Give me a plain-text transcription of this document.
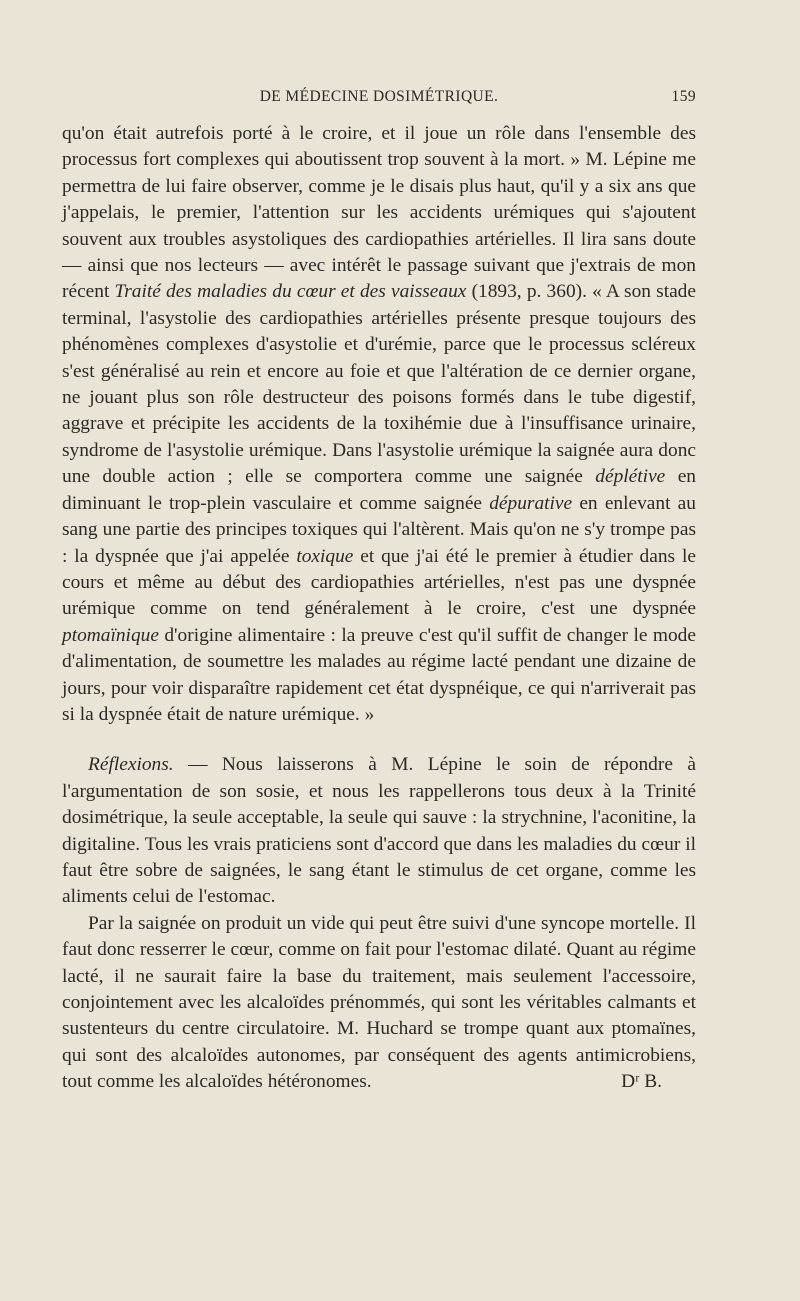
DE MÉDECINE DOSIMÉTRIQUE.	159

qu'on était autrefois porté à le croire, et il joue un rôle dans l'ensemble des processus fort complexes qui aboutissent trop souvent à la mort. » M. Lépine me permettra de lui faire observer, comme je le disais plus haut, qu'il y a six ans que j'appelais, le premier, l'attention sur les accidents urémiques qui s'ajoutent souvent aux troubles asystoliques des cardiopathies artérielles. Il lira sans doute — ainsi que nos lecteurs — avec intérêt le passage suivant que j'extrais de mon récent Traité des maladies du cœur et des vaisseaux (1893, p. 360). « A son stade terminal, l'asystolie des cardiopathies artérielles présente presque toujours des phénomènes complexes d'asystolie et d'urémie, parce que le processus scléreux s'est généralisé au rein et encore au foie et que l'altération de ce dernier organe, ne jouant plus son rôle destructeur des poisons formés dans le tube digestif, aggrave et précipite les accidents de la toxihémie due à l'insuffisance urinaire, syndrome de l'asystolie urémique. Dans l'asystolie urémique la saignée aura donc une double action ; elle se comportera comme une saignée déplétive en diminuant le trop-plein vasculaire et comme saignée dépurative en enlevant au sang une partie des principes toxiques qui l'altèrent. Mais qu'on ne s'y trompe pas : la dyspnée que j'ai appelée toxique et que j'ai été le premier à étudier dans le cours et même au début des cardiopathies artérielles, n'est pas une dyspnée urémique comme on tend généralement à le croire, c'est une dyspnée ptomaïnique d'origine alimentaire : la preuve c'est qu'il suffit de changer le mode d'alimentation, de soumettre les malades au régime lacté pendant une dizaine de jours, pour voir disparaître rapidement cet état dyspnéique, ce qui n'arriverait pas si la dyspnée était de nature urémique. »

Réflexions. — Nous laisserons à M. Lépine le soin de répondre à l'argumentation de son sosie, et nous les rappellerons tous deux à la Trinité dosimétrique, la seule acceptable, la seule qui sauve : la strychnine, l'aconitine, la digitaline. Tous les vrais praticiens sont d'accord que dans les maladies du cœur il faut être sobre de saignées, le sang étant le stimulus de cet organe, comme les aliments celui de l'estomac.

Par la saignée on produit un vide qui peut être suivi d'une syncope mortelle. Il faut donc resserrer le cœur, comme on fait pour l'estomac dilaté. Quant au régime lacté, il ne saurait faire la base du traitement, mais seulement l'accessoire, conjointement avec les alcaloïdes prénommés, qui sont les véritables calmants et sustenteurs du centre circulatoire. M. Huchard se trompe quant aux ptomaïnes, qui sont des alcaloïdes autonomes, par conséquent des agents antimicrobiens, tout comme les alcaloïdes hétéronomes.	Dʳ B.
